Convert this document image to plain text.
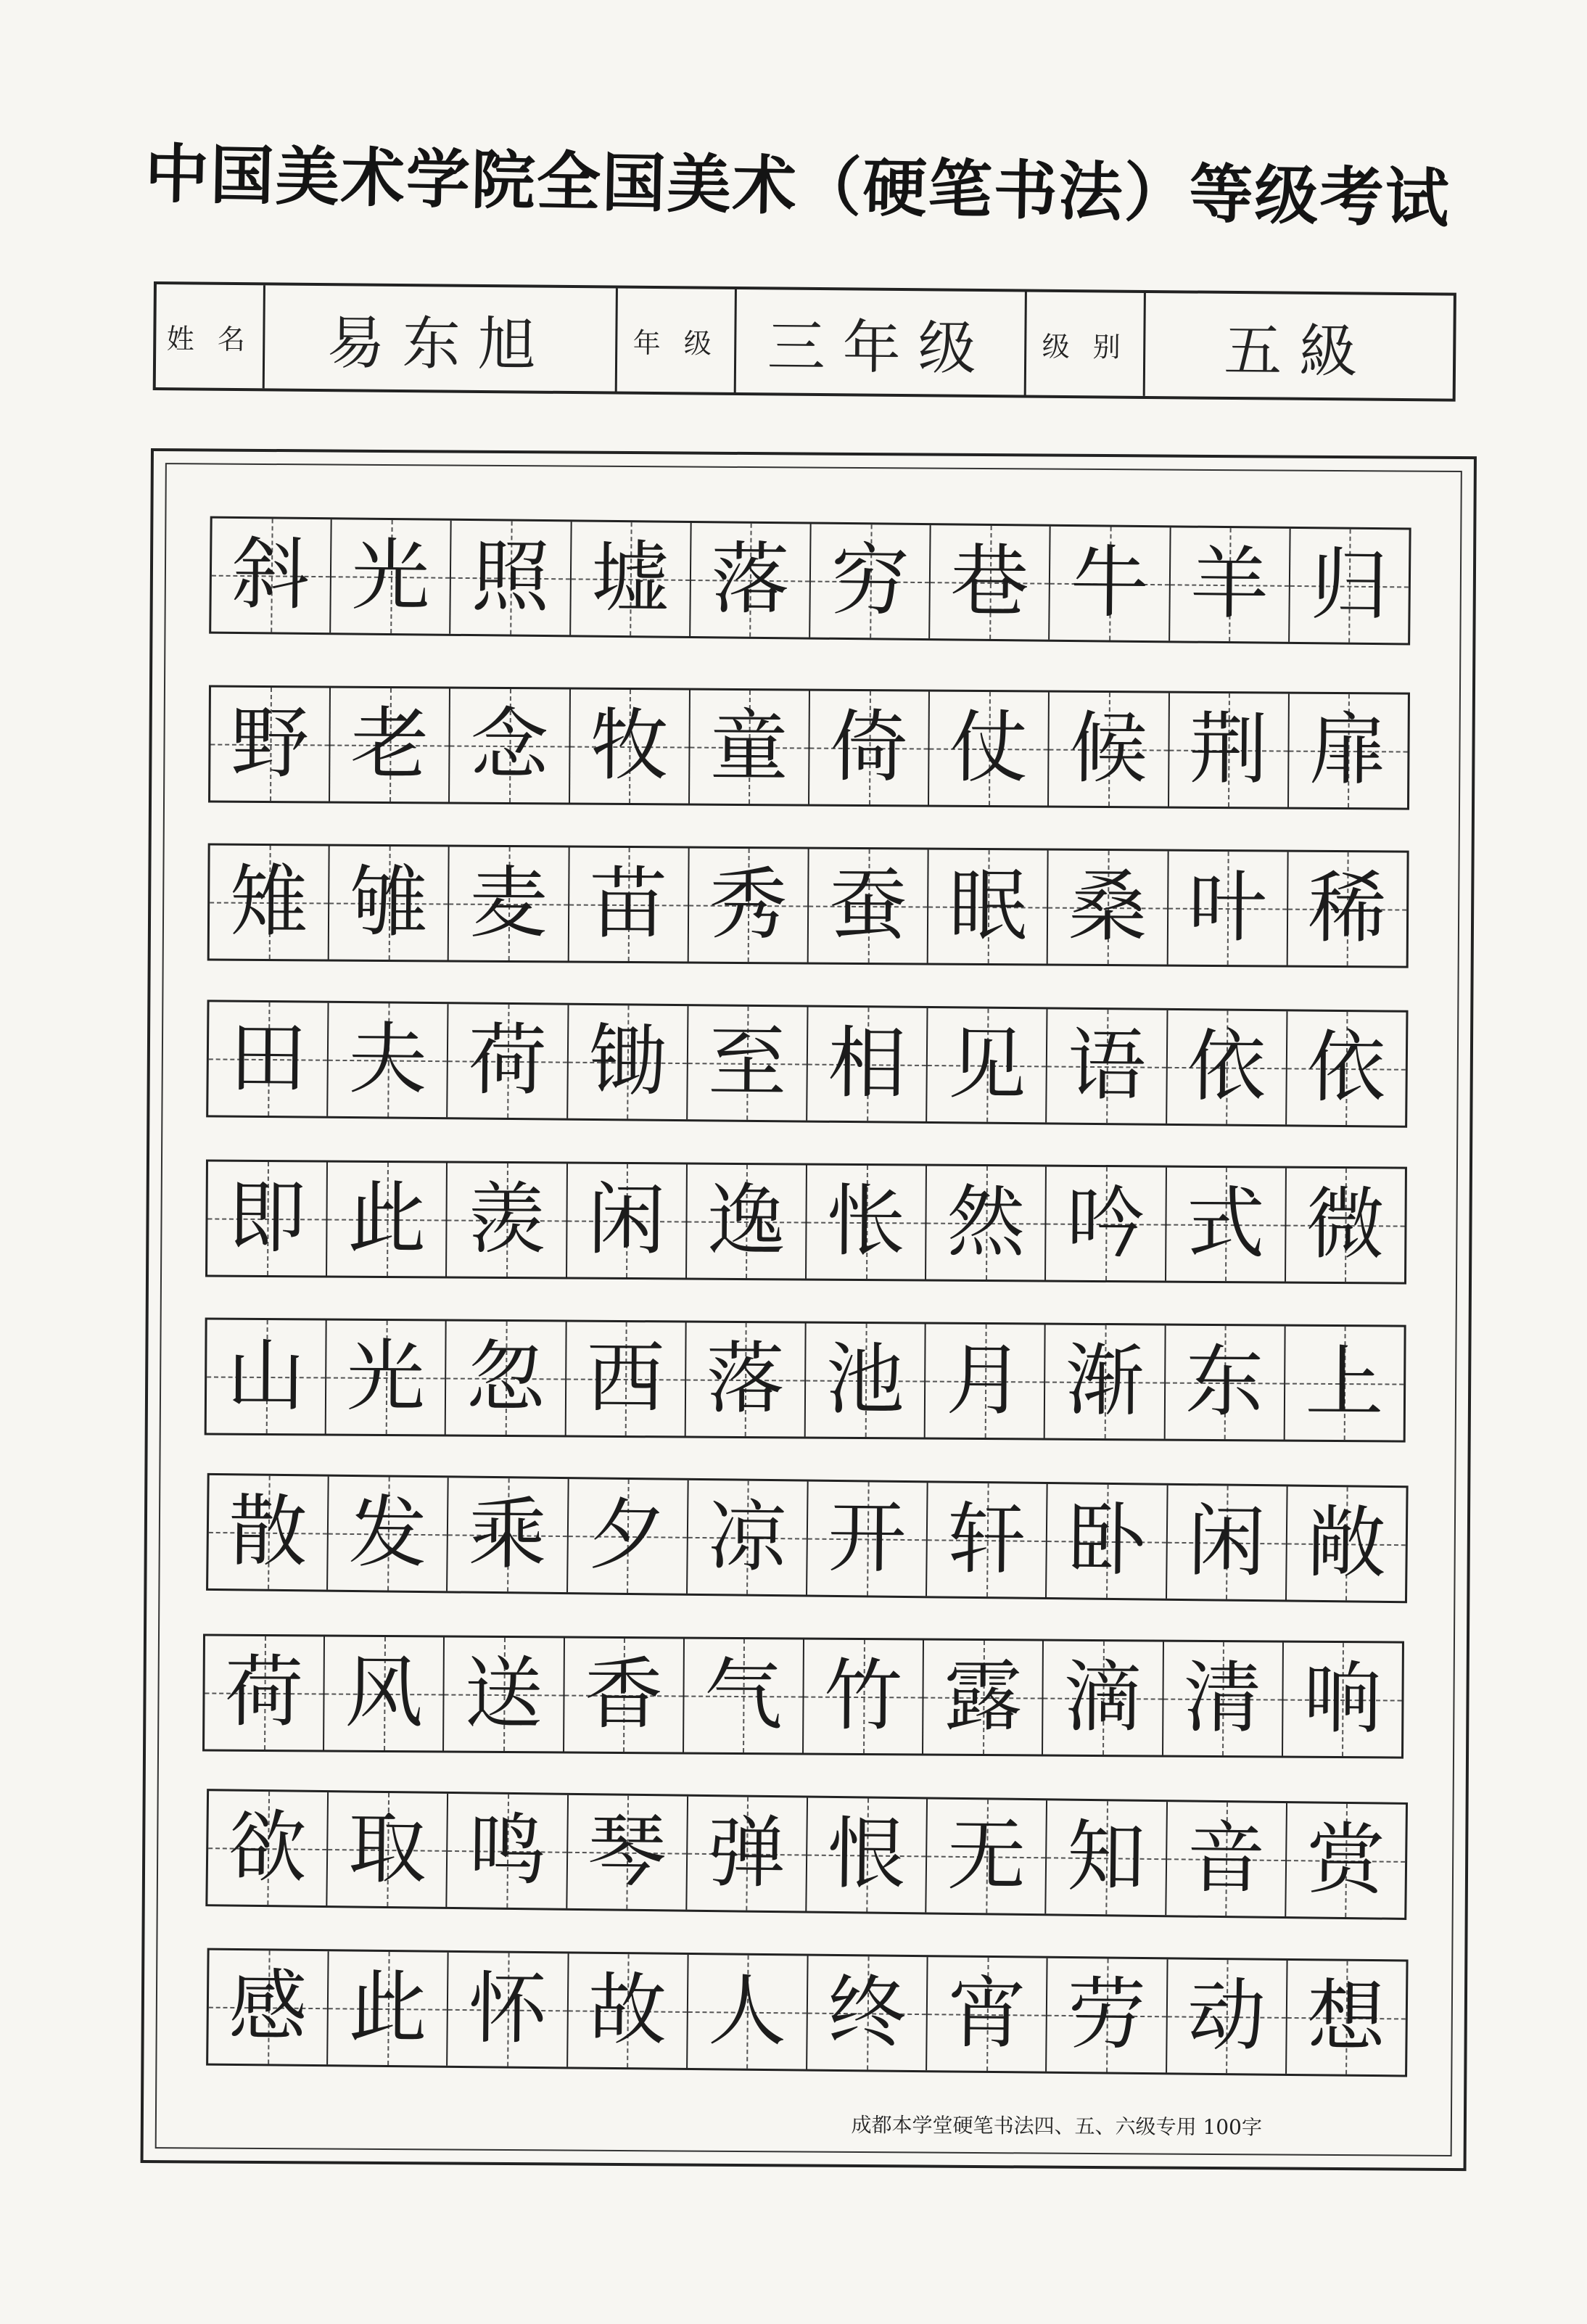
中国美术学院全国美术（硬笔书法）等级考试
姓 名	易东旭	年 级 三年级	级 别	五級
斜 光 照 墟 落 穷 巷 牛 羊 归
野 老 念 牧 童 倚 仗 候 荆 扉
雉 雊 麦 苗 秀 蚕 眠 桑 叶 稀
田 夫 荷 锄 至 相 见 语 依 依
即 此 羡 闲 逸 怅 然 吟 式 微
山 光 忽 西 落 池 月 渐 东 上
散 发 乘 夕 凉 开 轩 卧 闲 敞
荷 风 送 香 气 竹 露 滴 清 响
欲 取 鸣 琴 弹 恨 无 知 音 赏
感 此 怀 故 人 终 宵 劳 动 想
成都本学堂硬笔书法四、五、六级专用 100字
